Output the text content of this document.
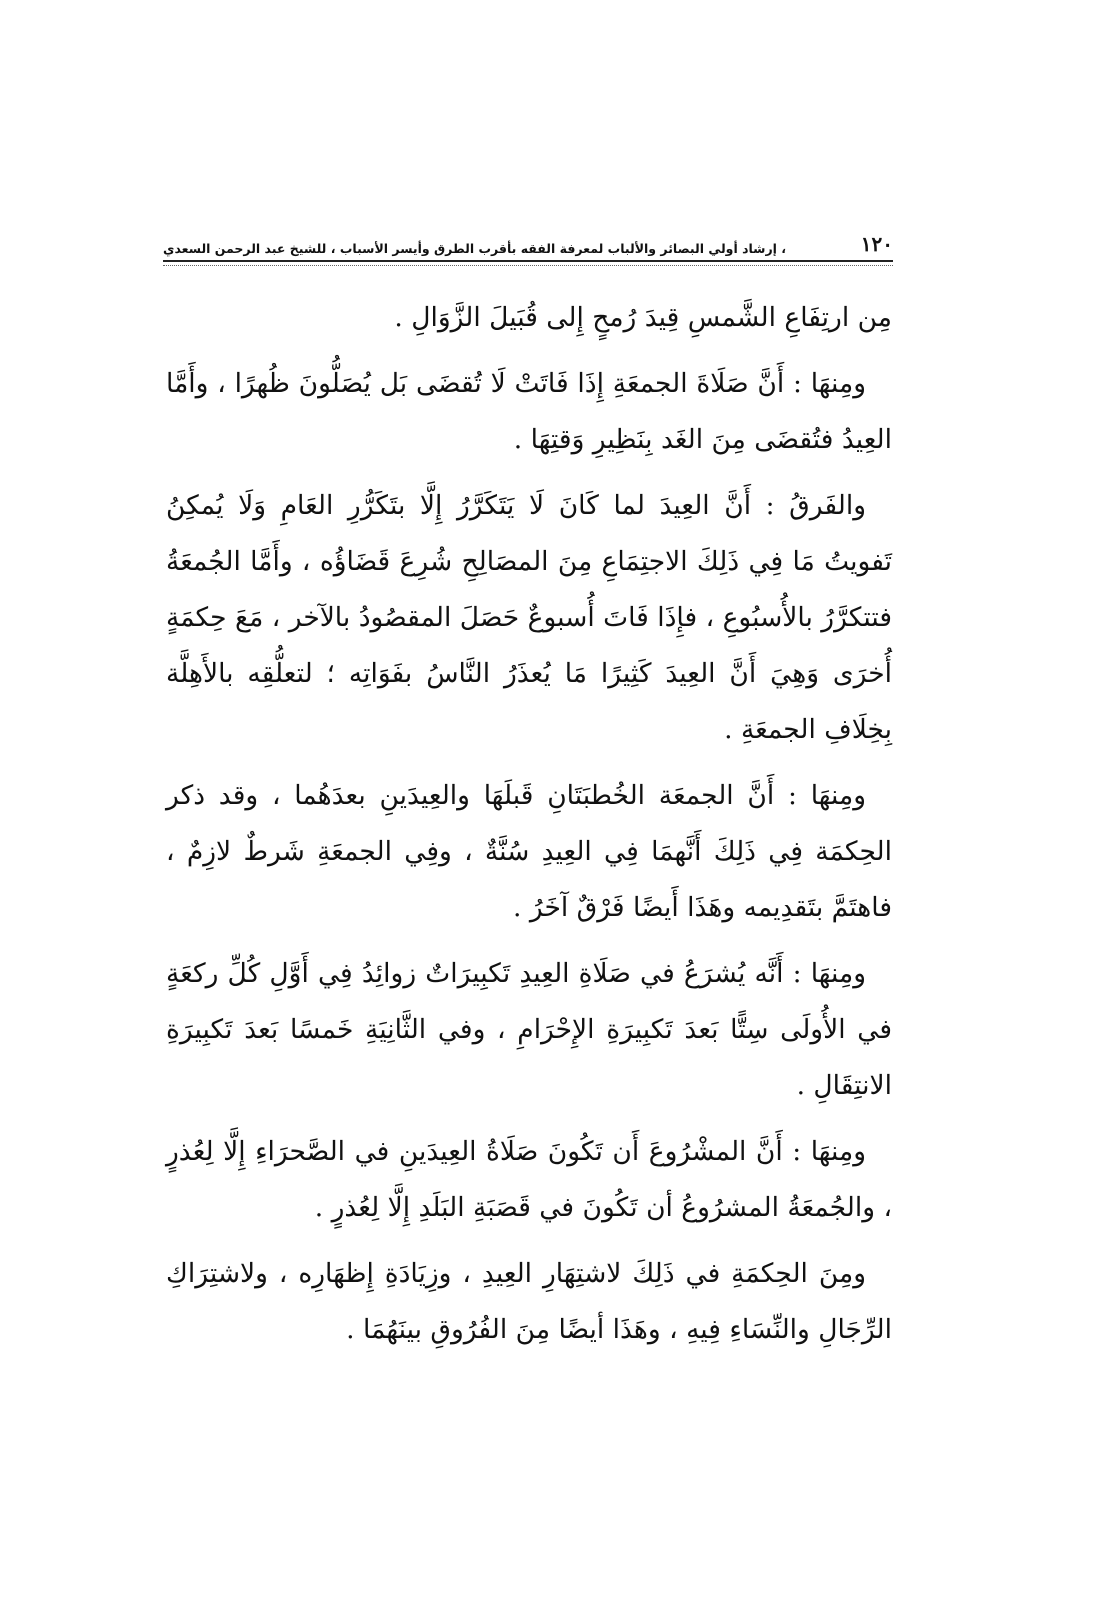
١٢٠
، إرشاد أولي البصائر والألباب لمعرفة الفقه بأقرب الطرق وأيسر الأسباب ، للشيخ عبد الرحمن السعدي

مِن ارتِفَاعِ الشَّمسِ قِيدَ رُمحٍ إِلى قُبَيلَ الزَّوَالِ .

ومِنهَا : أَنَّ صَلَاةَ الجمعَةِ إِذَا فَاتَتْ لَا تُقضَى بَل يُصَلُّونَ ظُهرًا ، وأَمَّا العِيدُ فتُقضَى مِنَ الغَد بِنَظِيرِ وَقتِهَا .

والفَرقُ : أَنَّ العِيدَ لما كَانَ لَا يَتَكَرَّرُ إِلَّا بتَكَرُّرِ العَامِ وَلَا يُمكِنُ تَفويتُ مَا فِي ذَلِكَ الاجتِمَاعِ مِنَ المصَالِحِ شُرِعَ قَضَاؤُه ، وأَمَّا الجُمعَةُ فتتكرَّرُ بالأُسبُوعِ ، فإِذَا فَاتَ أُسبوعٌ حَصَلَ المقصُودُ بالآخر ، مَعَ حِكمَةٍ أُخرَى وَهِيَ أَنَّ العِيدَ كَثِيرًا مَا يُعذَرُ النَّاسُ بفَوَاتِه ؛ لتعلُّقِه بالأَهِلَّة بِخِلَافِ الجمعَةِ .

ومِنهَا : أَنَّ الجمعَة الخُطبَتَانِ قَبلَهَا والعِيدَينِ بعدَهُما ، وقد ذكر الحِكمَة فِي ذَلِكَ أَنَّهمَا فِي العِيدِ سُنَّةٌ ، وفِي الجمعَةِ شَرطٌ لازِمٌ ، فاهتَمَّ بتَقدِيمه وهَذَا أَيضًا فَرْقٌ آخَرُ .

ومِنهَا : أَنَّه يُشرَعُ في صَلَاةِ العِيدِ تَكبِيرَاتٌ زوائِدُ فِي أَوَّلِ كُلِّ ركعَةٍ في الأُولَى سِتًّا بَعدَ تَكبِيرَةِ الإِحْرَامِ ، وفي الثَّانِيَةِ خَمسًا بَعدَ تَكبِيرَةِ الانتِقَالِ .

ومِنهَا : أَنَّ المشْرُوعَ أَن تَكُونَ صَلَاةُ العِيدَينِ في الصَّحرَاءِ إِلَّا لِعُذرٍ ، والجُمعَةُ المشرُوعُ أن تَكُونَ في قَصَبَةِ البَلَدِ إِلَّا لِعُذرٍ .

ومِنَ الحِكمَةِ في ذَلِكَ لاشتِهَارِ العِيدِ ، وزِيَادَةِ إِظهَارِه ، ولاشتِرَاكِ الرِّجَالِ والنِّسَاءِ فِيهِ ، وهَذَا أيضًا مِنَ الفُرُوقِ بينَهُمَا .
